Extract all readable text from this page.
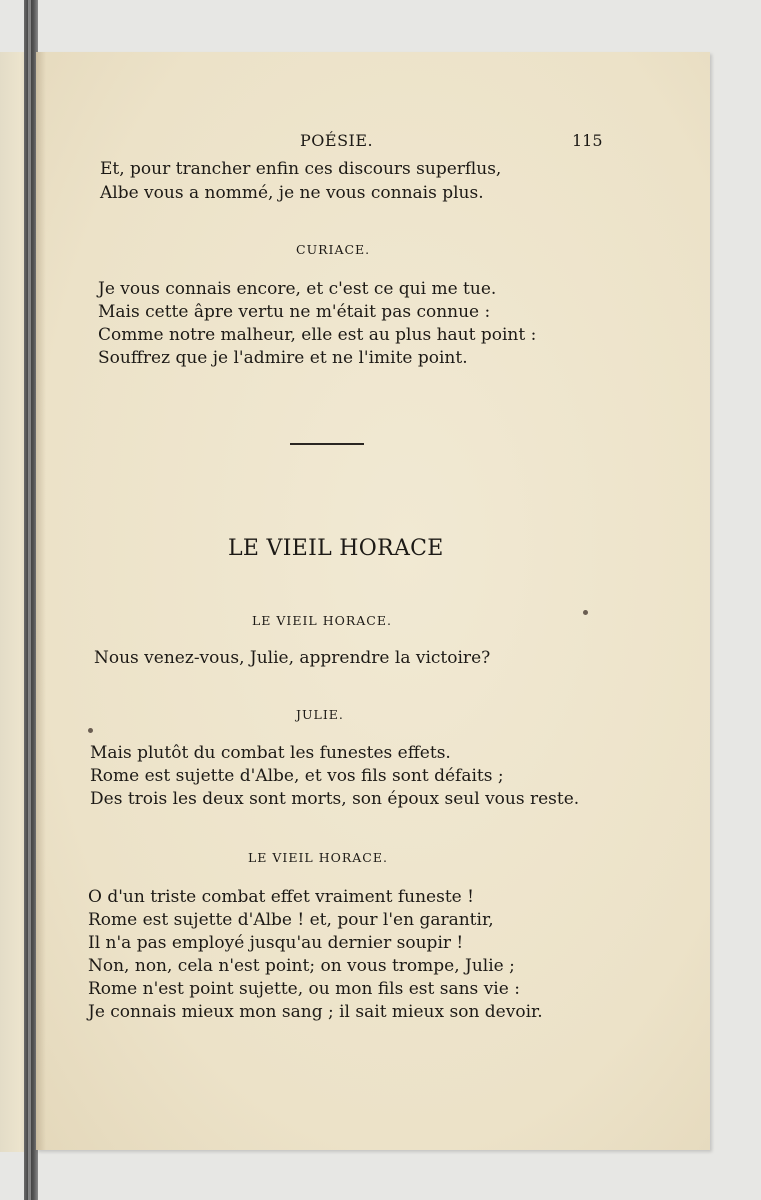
POÉSIE.	115
Et, pour trancher enfin ces discours superflus,
Albe vous a nommé, je ne vous connais plus.
CURIACE.
Je vous connais encore, et c'est ce qui me tue.
Mais cette âpre vertu ne m'était pas connue :
Comme notre malheur, elle est au plus haut point :
Souffrez que je l'admire et ne l'imite point.
LE VIEIL HORACE
LE VIEIL HORACE.
Nous venez-vous, Julie, apprendre la victoire?
JULIE.
Mais plutôt du combat les funestes effets.
Rome est sujette d'Albe, et vos fils sont défaits ;
Des trois les deux sont morts, son époux seul vous reste.
LE VIEIL HORACE.
O d'un triste combat effet vraiment funeste !
Rome est sujette d'Albe ! et, pour l'en garantir,
Il n'a pas employé jusqu'au dernier soupir !
Non, non, cela n'est point; on vous trompe, Julie ;
Rome n'est point sujette, ou mon fils est sans vie :
Je connais mieux mon sang ; il sait mieux son devoir.
